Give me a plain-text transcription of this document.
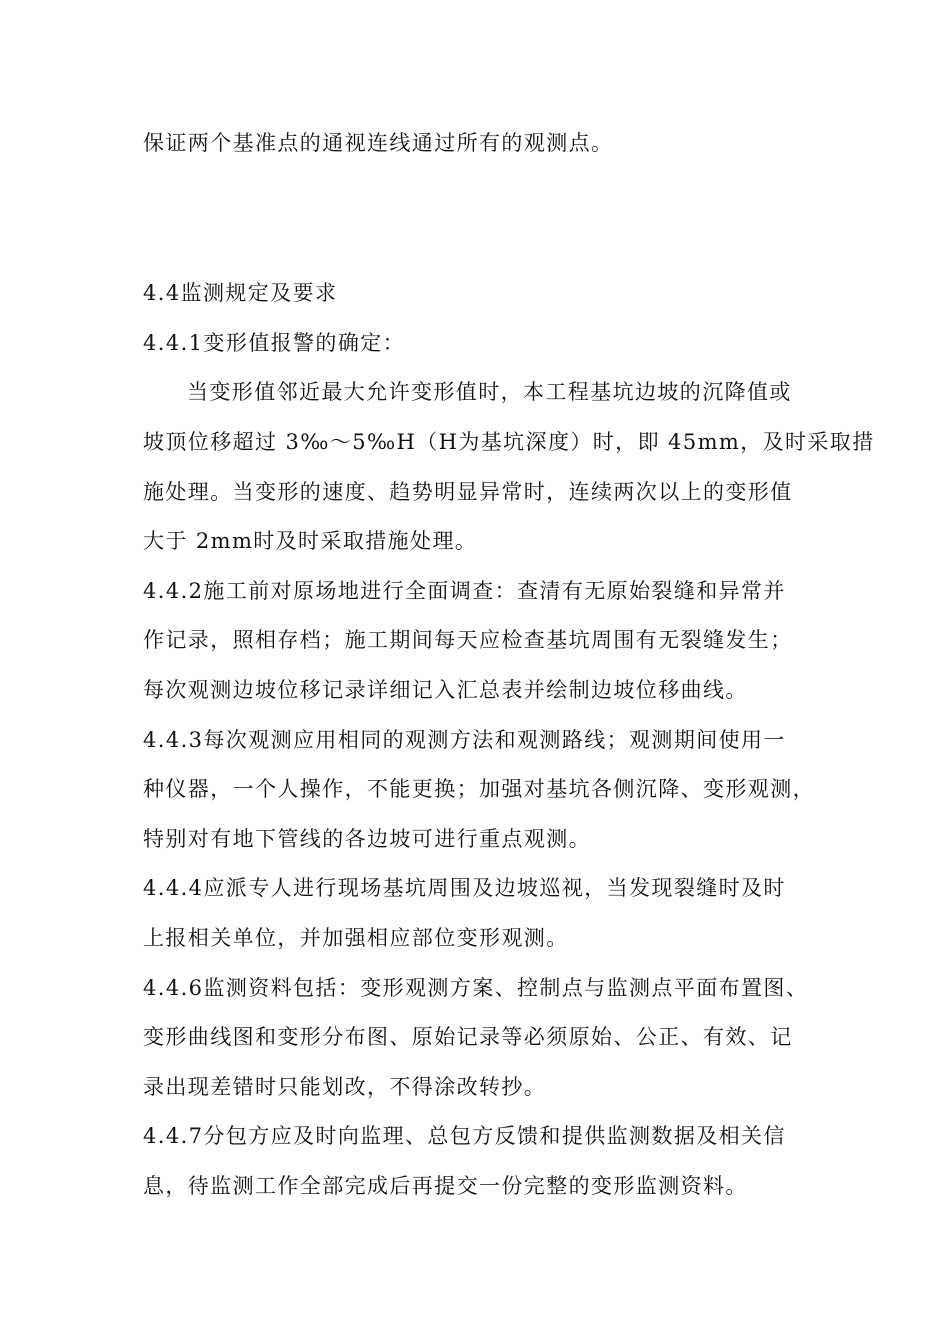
保证两个基准点的通视连线通过所有的观测点。
4.4监测规定及要求
4.4.1变形值报警的确定：
当变形值邻近最大允许变形值时，本工程基坑边坡的沉降值或
坡顶位移超过 3‰～5‰H（H为基坑深度）时，即 45mm，及时采取措
施处理。当变形的速度、趋势明显异常时，连续两次以上的变形值
大于 2mm时及时采取措施处理。
4.4.2施工前对原场地进行全面调查：查清有无原始裂缝和异常并
作记录，照相存档；施工期间每天应检查基坑周围有无裂缝发生；
每次观测边坡位移记录详细记入汇总表并绘制边坡位移曲线。
4.4.3每次观测应用相同的观测方法和观测路线；观测期间使用一
种仪器，一个人操作，不能更换；加强对基坑各侧沉降、变形观测，
特别对有地下管线的各边坡可进行重点观测。
4.4.4应派专人进行现场基坑周围及边坡巡视，当发现裂缝时及时
上报相关单位，并加强相应部位变形观测。
4.4.6监测资料包括：变形观测方案、控制点与监测点平面布置图、
变形曲线图和变形分布图、原始记录等必须原始、公正、有效、记
录出现差错时只能划改，不得涂改转抄。
4.4.7分包方应及时向监理、总包方反馈和提供监测数据及相关信
息，待监测工作全部完成后再提交一份完整的变形监测资料。
